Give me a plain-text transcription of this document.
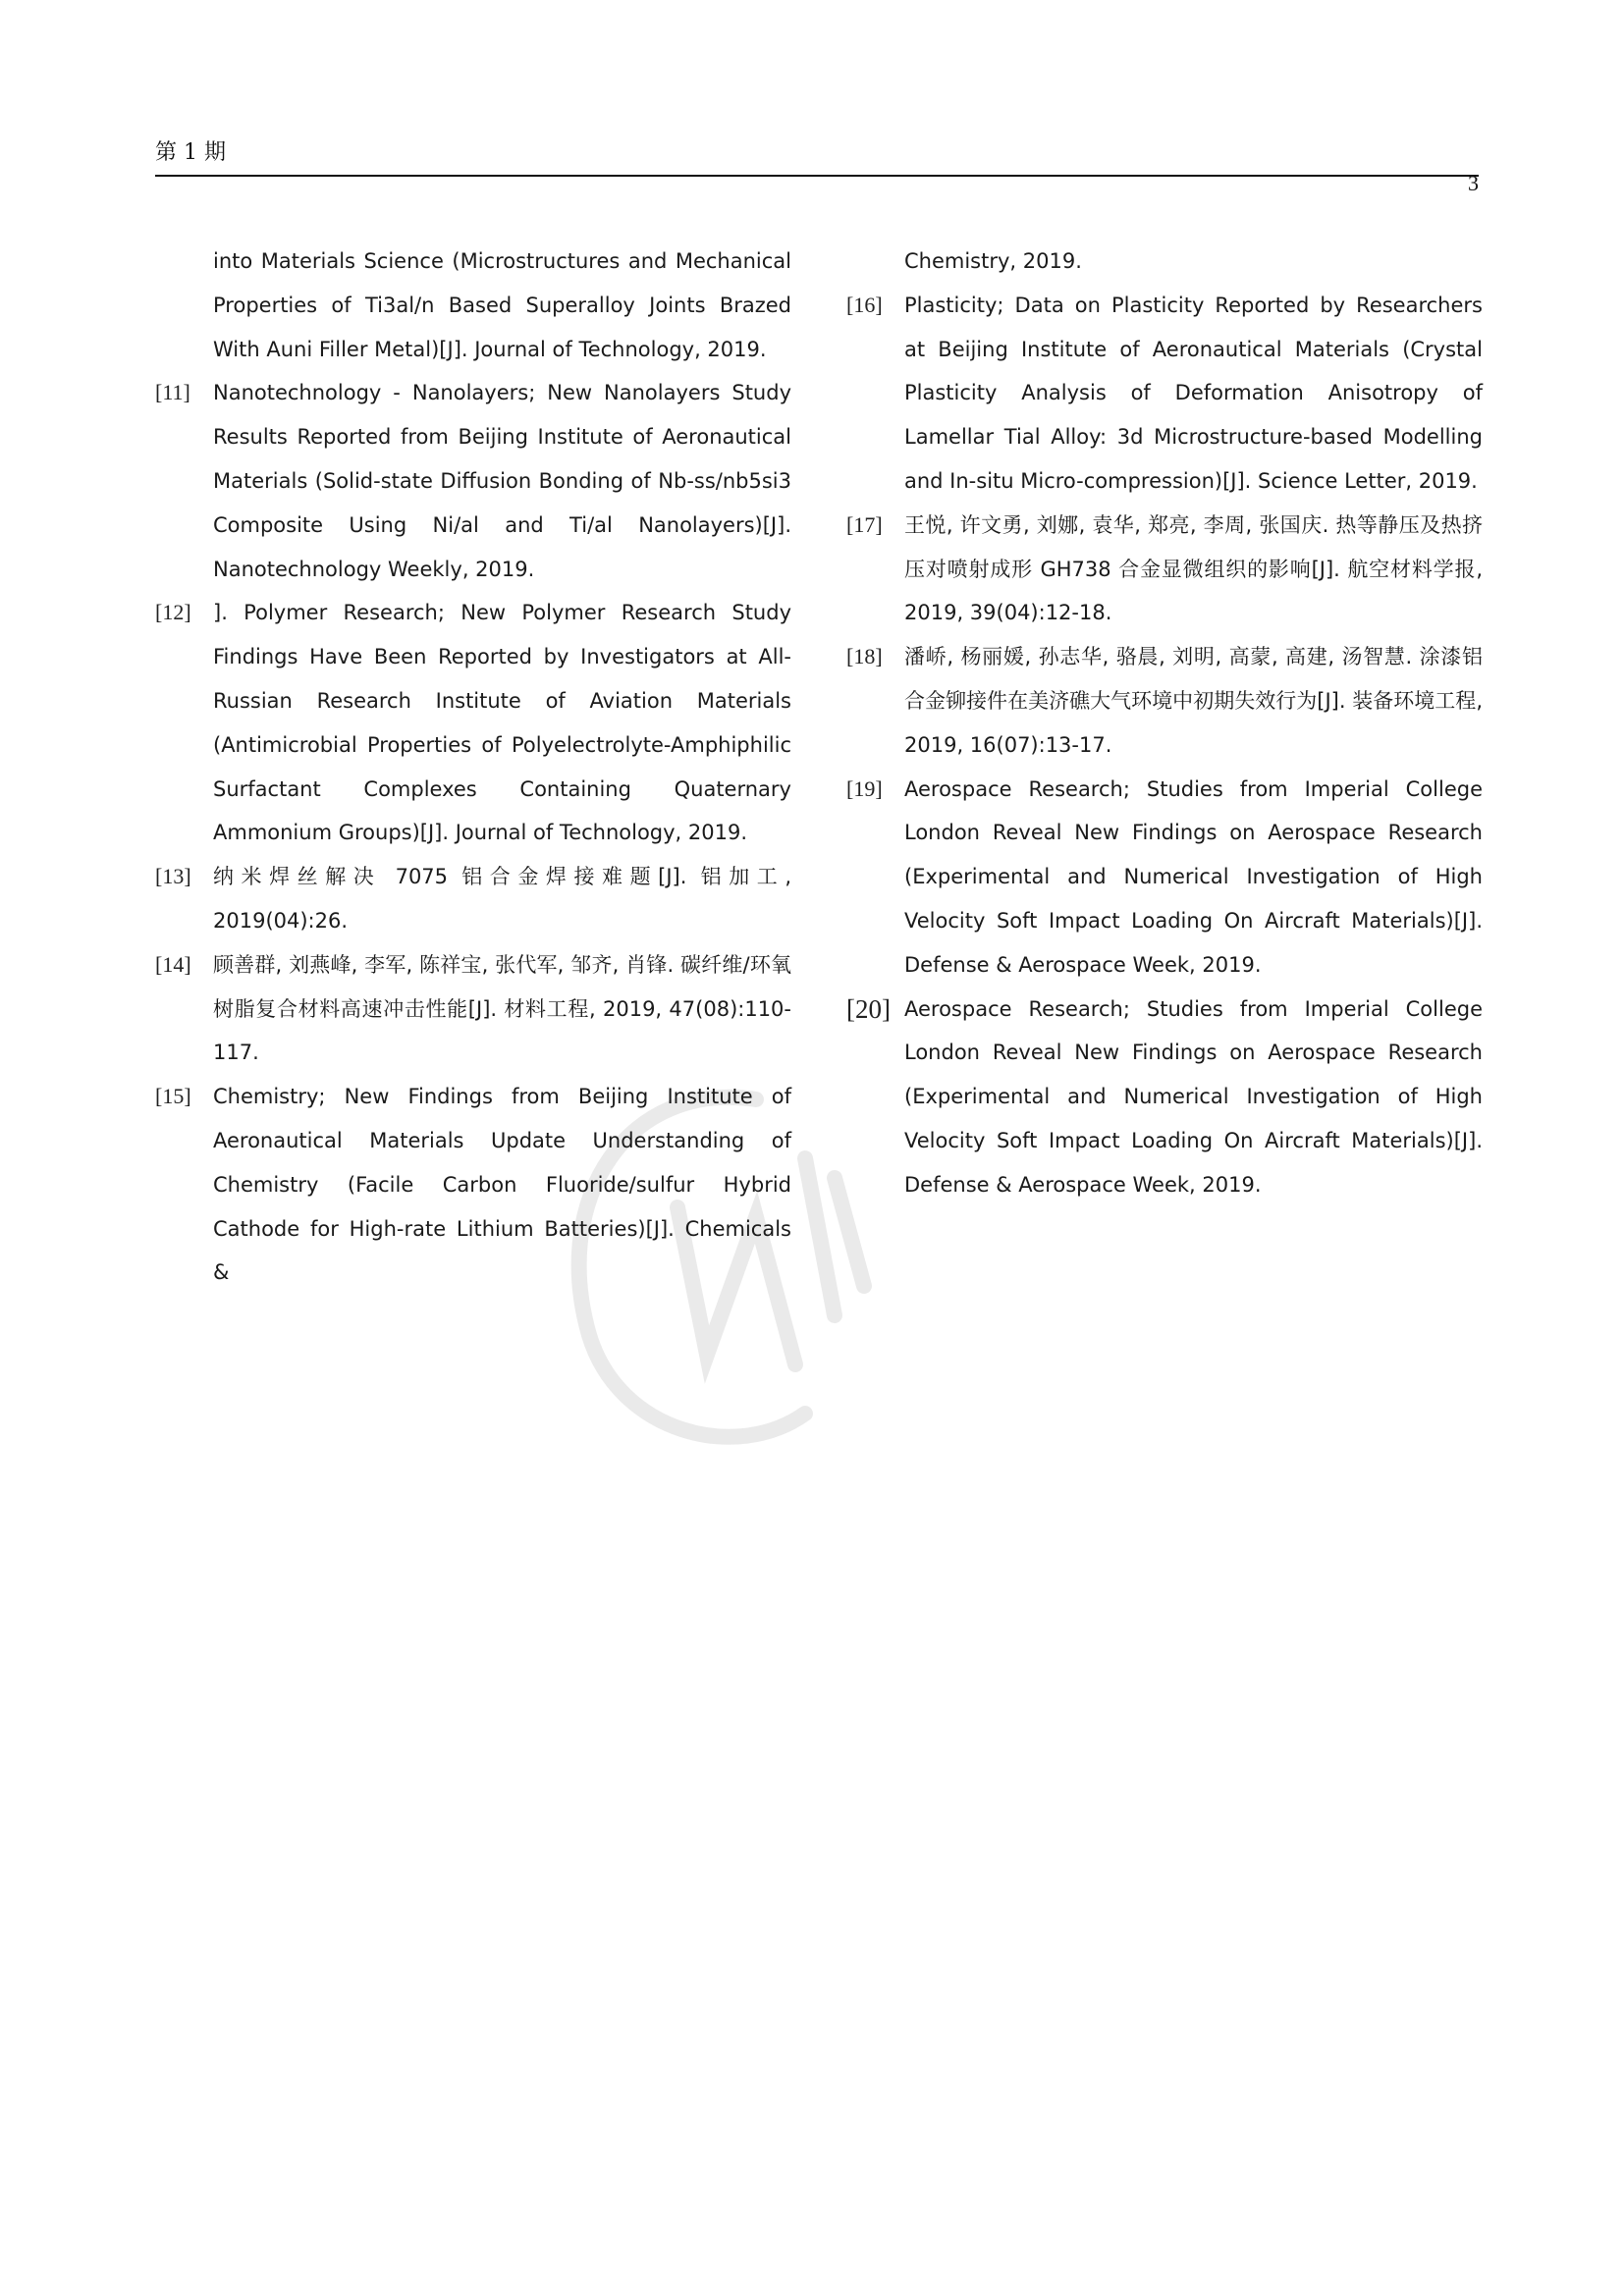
第 1 期
3
into Materials Science (Microstructures and Mechanical Properties of Ti3al/n Based Superalloy Joints Brazed With Auni Filler Metal)[J]. Journal of Technology, 2019.
[11]	Nanotechnology - Nanolayers; New Nanolayers Study Results Reported from Beijing Institute of Aeronautical Materials (Solid-state Diffusion Bonding of Nb-ss/nb5si3 Composite Using Ni/al and Ti/al Nanolayers)[J]. Nanotechnology Weekly, 2019.
[12]	]. Polymer Research; New Polymer Research Study Findings Have Been Reported by Investigators at All-Russian Research Institute of Aviation Materials (Antimicrobial Properties of Polyelectrolyte-Amphiphilic Surfactant Complexes Containing Quaternary Ammonium Groups)[J]. Journal of Technology, 2019.
[13]	纳米焊丝解决 7075 铝合金焊接难题[J]. 铝加工, 2019(04):26.
[14]	顾善群, 刘燕峰, 李军, 陈祥宝, 张代军, 邹齐, 肖锋. 碳纤维/环氧树脂复合材料高速冲击性能[J]. 材料工程, 2019, 47(08):110-117.
[15]	Chemistry; New Findings from Beijing Institute of Aeronautical Materials Update Understanding of Chemistry (Facile Carbon Fluoride/sulfur Hybrid Cathode for High-rate Lithium Batteries)[J]. Chemicals &
Chemistry, 2019.
[16]	Plasticity; Data on Plasticity Reported by Researchers at Beijing Institute of Aeronautical Materials (Crystal Plasticity Analysis of Deformation Anisotropy of Lamellar Tial Alloy: 3d Microstructure-based Modelling and In-situ Micro-compression)[J]. Science Letter, 2019.
[17]	王悦, 许文勇, 刘娜, 袁华, 郑亮, 李周, 张国庆. 热等静压及热挤压对喷射成形 GH738 合金显微组织的影响[J]. 航空材料学报, 2019, 39(04):12-18.
[18]	潘峤, 杨丽媛, 孙志华, 骆晨, 刘明, 高蒙, 高建, 汤智慧. 涂漆铝合金铆接件在美济礁大气环境中初期失效行为[J]. 装备环境工程, 2019, 16(07):13-17.
[19]	Aerospace Research; Studies from Imperial College London Reveal New Findings on Aerospace Research (Experimental and Numerical Investigation of High Velocity Soft Impact Loading On Aircraft Materials)[J]. Defense & Aerospace Week, 2019.
[20] Aerospace Research; Studies from Imperial College London Reveal New Findings on Aerospace Research (Experimental and Numerical Investigation of High Velocity Soft Impact Loading On Aircraft Materials)[J]. Defense & Aerospace Week, 2019.
